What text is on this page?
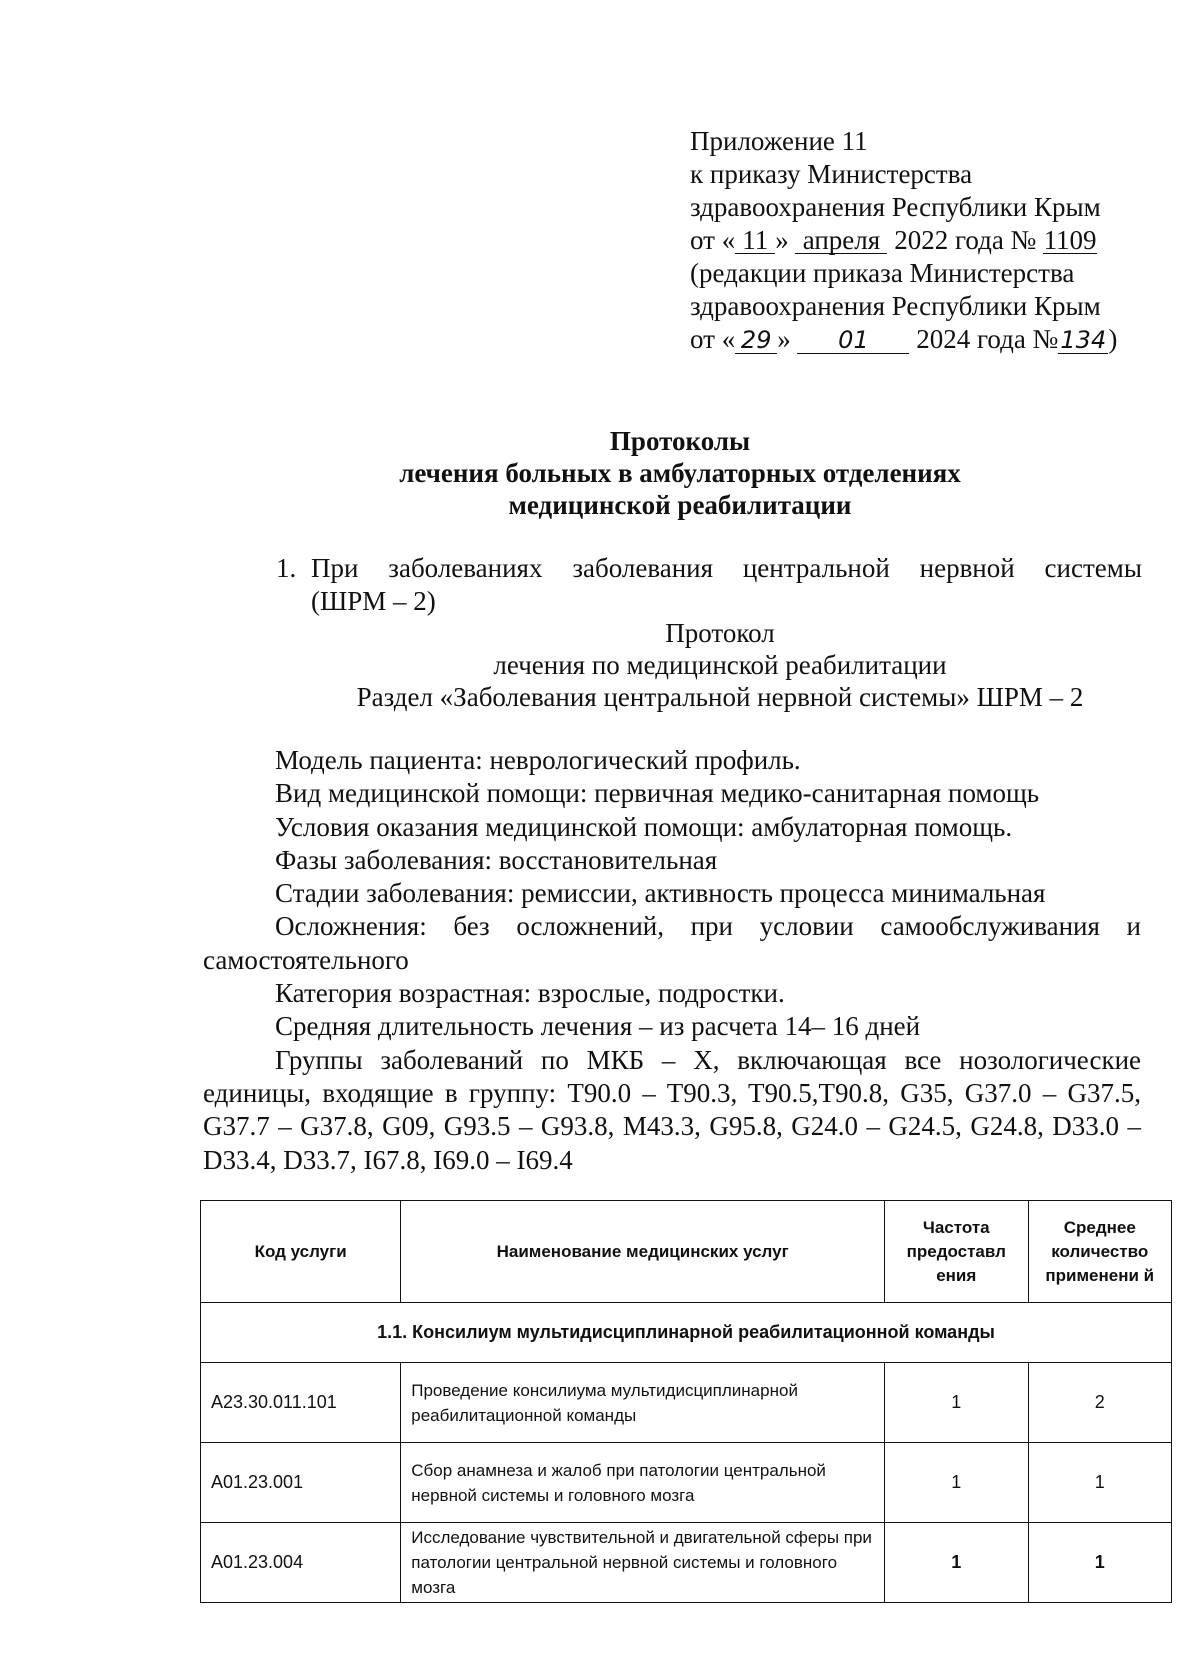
Приложение 11
к приказу Министерства
здравоохранения Республики Крым
от « 11 » апреля 2022 года № 1109
(редакции приказа Министерства
здравоохранения Республики Крым
от « 29 » 01 2024 года №134)
Протоколы
лечения больных в амбулаторных отделениях
медицинской реабилитации
1. При заболеваниях заболевания центральной нервной системы
(ШРМ – 2)
Протокол
лечения по медицинской реабилитации
Раздел «Заболевания центральной нервной системы» ШРМ – 2

Модель пациента: неврологический профиль.

Вид медицинской помощи: первичная медико-санитарная помощь

Условия оказания медицинской помощи: амбулаторная помощь.

Фазы заболевания: восстановительная

Стадии заболевания: ремиссии, активность процесса минимальная

Осложнения: без осложнений, при условии самообслуживания и самостоятельного

Категория возрастная: взрослые, подростки.

Средняя длительность лечения – из расчета 14– 16 дней

Группы заболеваний по МКБ – X, включающая все нозологические единицы, входящие в группу: T90.0 – T90.3, T90.5,T90.8, G35, G37.0 – G37.5, G37.7 – G37.8, G09, G93.5 – G93.8, M43.3, G95.8, G24.0 – G24.5, G24.8, D33.0 – D33.4, D33.7, I67.8, I69.0 – I69.4

Код услуги	Наименование медицинских услуг	Частота предоставл ения	Среднее количество применени й
1.1. Консилиум мультидисциплинарной реабилитационной команды			
A23.30.011.101	Проведение консилиума мультидисциплинарной реабилитационной команды	1	2
A01.23.001	Сбор анамнеза и жалоб при патологии центральной нервной системы и головного мозга	1	1
A01.23.004	Исследование чувствительной и двигательной сферы при патологии центральной нервной системы и головного мозга	1	1
